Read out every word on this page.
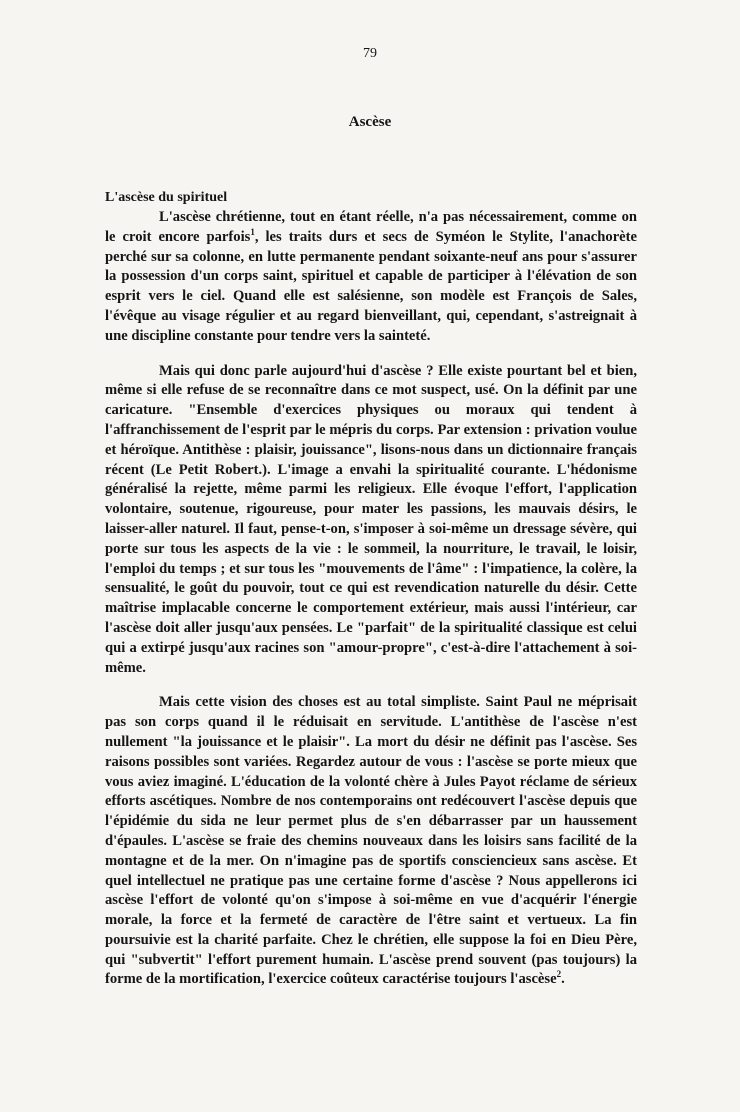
79
Ascèse
L'ascèse du spirituel

L'ascèse chrétienne, tout en étant réelle, n'a pas nécessairement, comme on le croit encore parfois$^1$, les traits durs et secs de Syméon le Stylite, l'anachorète perché sur sa colonne, en lutte permanente pendant soixante-neuf ans pour s'assurer la possession d'un corps saint, spirituel et capable de participer à l'élévation de son esprit vers le ciel. Quand elle est salésienne, son modèle est François de Sales, l'évêque au visage régulier et au regard bienveillant, qui, cependant, s'astreignait à une discipline constante pour tendre vers la sainteté.

Mais qui donc parle aujourd'hui d'ascèse ? Elle existe pourtant bel et bien, même si elle refuse de se reconnaître dans ce mot suspect, usé. On la définit par une caricature. "Ensemble d'exercices physiques ou moraux qui tendent à l'affranchissement de l'esprit par le mépris du corps. Par extension : privation voulue et héroïque. Antithèse : plaisir, jouissance", lisons-nous dans un dictionnaire français récent (Le Petit Robert.). L'image a envahi la spiritualité courante. L'hédonisme généralisé la rejette, même parmi les religieux. Elle évoque l'effort, l'application volontaire, soutenue, rigoureuse, pour mater les passions, les mauvais désirs, le laisser-aller naturel. Il faut, pense-t-on, s'imposer à soi-même un dressage sévère, qui porte sur tous les aspects de la vie : le sommeil, la nourriture, le travail, le loisir, l'emploi du temps ; et sur tous les "mouvements de l'âme" : l'impatience, la colère, la sensualité, le goût du pouvoir, tout ce qui est revendication naturelle du désir. Cette maîtrise implacable concerne le comportement extérieur, mais aussi l'intérieur, car l'ascèse doit aller jusqu'aux pensées. Le "parfait" de la spiritualité classique est celui qui a extirpé jusqu'aux racines son "amour-propre", c'est-à-dire l'attachement à soi-même.

Mais cette vision des choses est au total simpliste. Saint Paul ne méprisait pas son corps quand il le réduisait en servitude. L'antithèse de l'ascèse n'est nullement "la jouissance et le plaisir". La mort du désir ne définit pas l'ascèse. Ses raisons possibles sont variées. Regardez autour de vous : l'ascèse se porte mieux que vous aviez imaginé. L'éducation de la volonté chère à Jules Payot réclame de sérieux efforts ascétiques. Nombre de nos contemporains ont redécouvert l'ascèse depuis que l'épidémie du sida ne leur permet plus de s'en débarrasser par un haussement d'épaules. L'ascèse se fraie des chemins nouveaux dans les loisirs sans facilité de la montagne et de la mer. On n'imagine pas de sportifs consciencieux sans ascèse. Et quel intellectuel ne pratique pas une certaine forme d'ascèse ? Nous appellerons ici ascèse l'effort de volonté qu'on s'impose à soi-même en vue d'acquérir l'énergie morale, la force et la fermeté de caractère de l'être saint et vertueux. La fin poursuivie est la charité parfaite. Chez le chrétien, elle suppose la foi en Dieu Père, qui "subvertit" l'effort purement humain. L'ascèse prend souvent (pas toujours) la forme de la mortification, l'exercice coûteux caractérise toujours l'ascèse$^2$.
